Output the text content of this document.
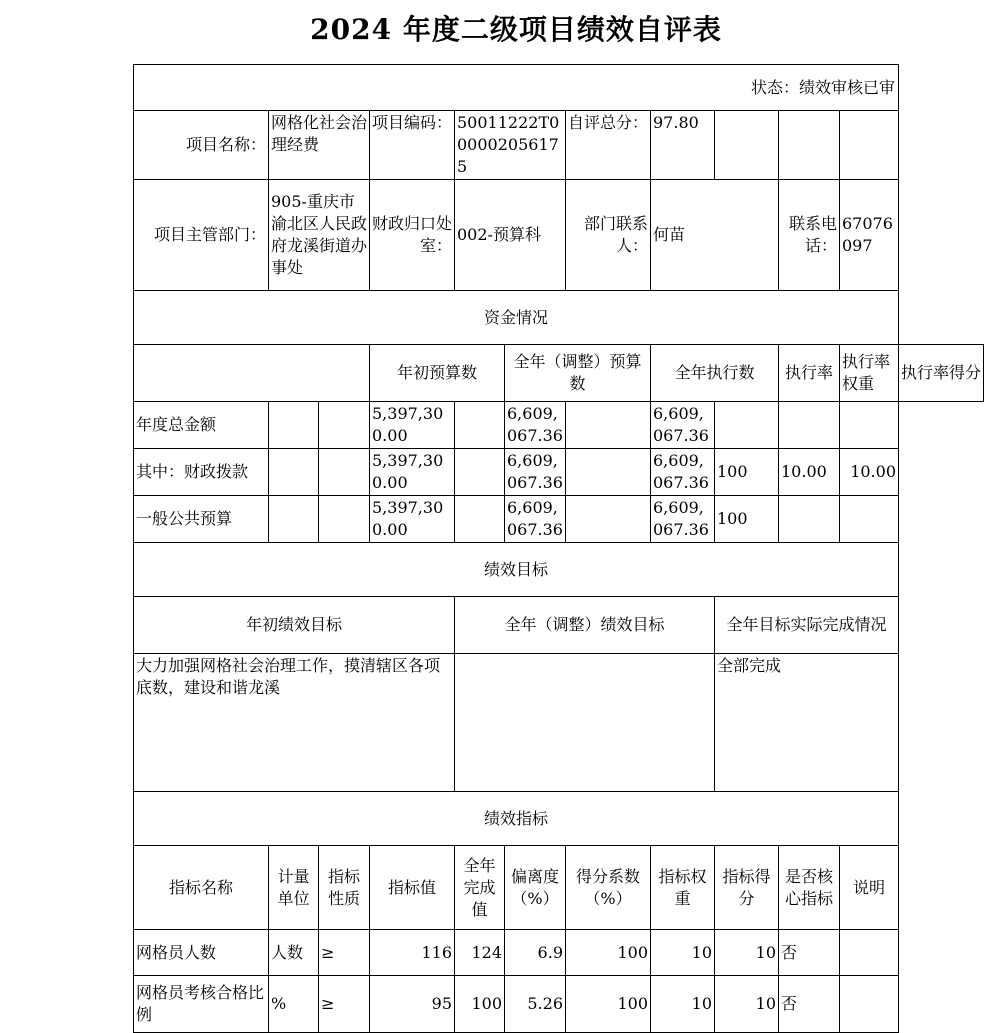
2024 年度二级项目绩效自评表
状态：绩效审核已审											
项目名称：	网格化社会治理经费		项目编码：	50011222T000002056175		自评总分：	97.80				
项目主管部门：	905-重庆市渝北区人民政府龙溪街道办事处		财政归口处室：	002-预算科		部门联系人：	何苗		联系电话：	67076097	
资金情况											
			年初预算数		全年（调整）预算数		全年执行数		执行率	执行率权重	执行率得分
年度总金额			5,397,300.00		6,609,067.36		6,609,067.36				
其中：财政拨款			5,397,300.00		6,609,067.36		6,609,067.36	100	10.00	10.00	
一般公共预算			5,397,300.00		6,609,067.36		6,609,067.36	100			
绩效目标											
年初绩效目标				全年（调整）绩效目标				全年目标实际完成情况			
大力加强网格社会治理工作，摸清辖区各项底数，建设和谐龙溪								全部完成			
绩效指标											
指标名称	计量单位	指标性质	指标值	全年完成值	偏离度（%）	得分系数（%）	指标权重	指标得分	是否核心指标	说明	
网格员人数	人数	≥	116	124	6.9	100	10	10	否		
网格员考核合格比例	%	≥	95	100	5.26	100	10	10	否		
